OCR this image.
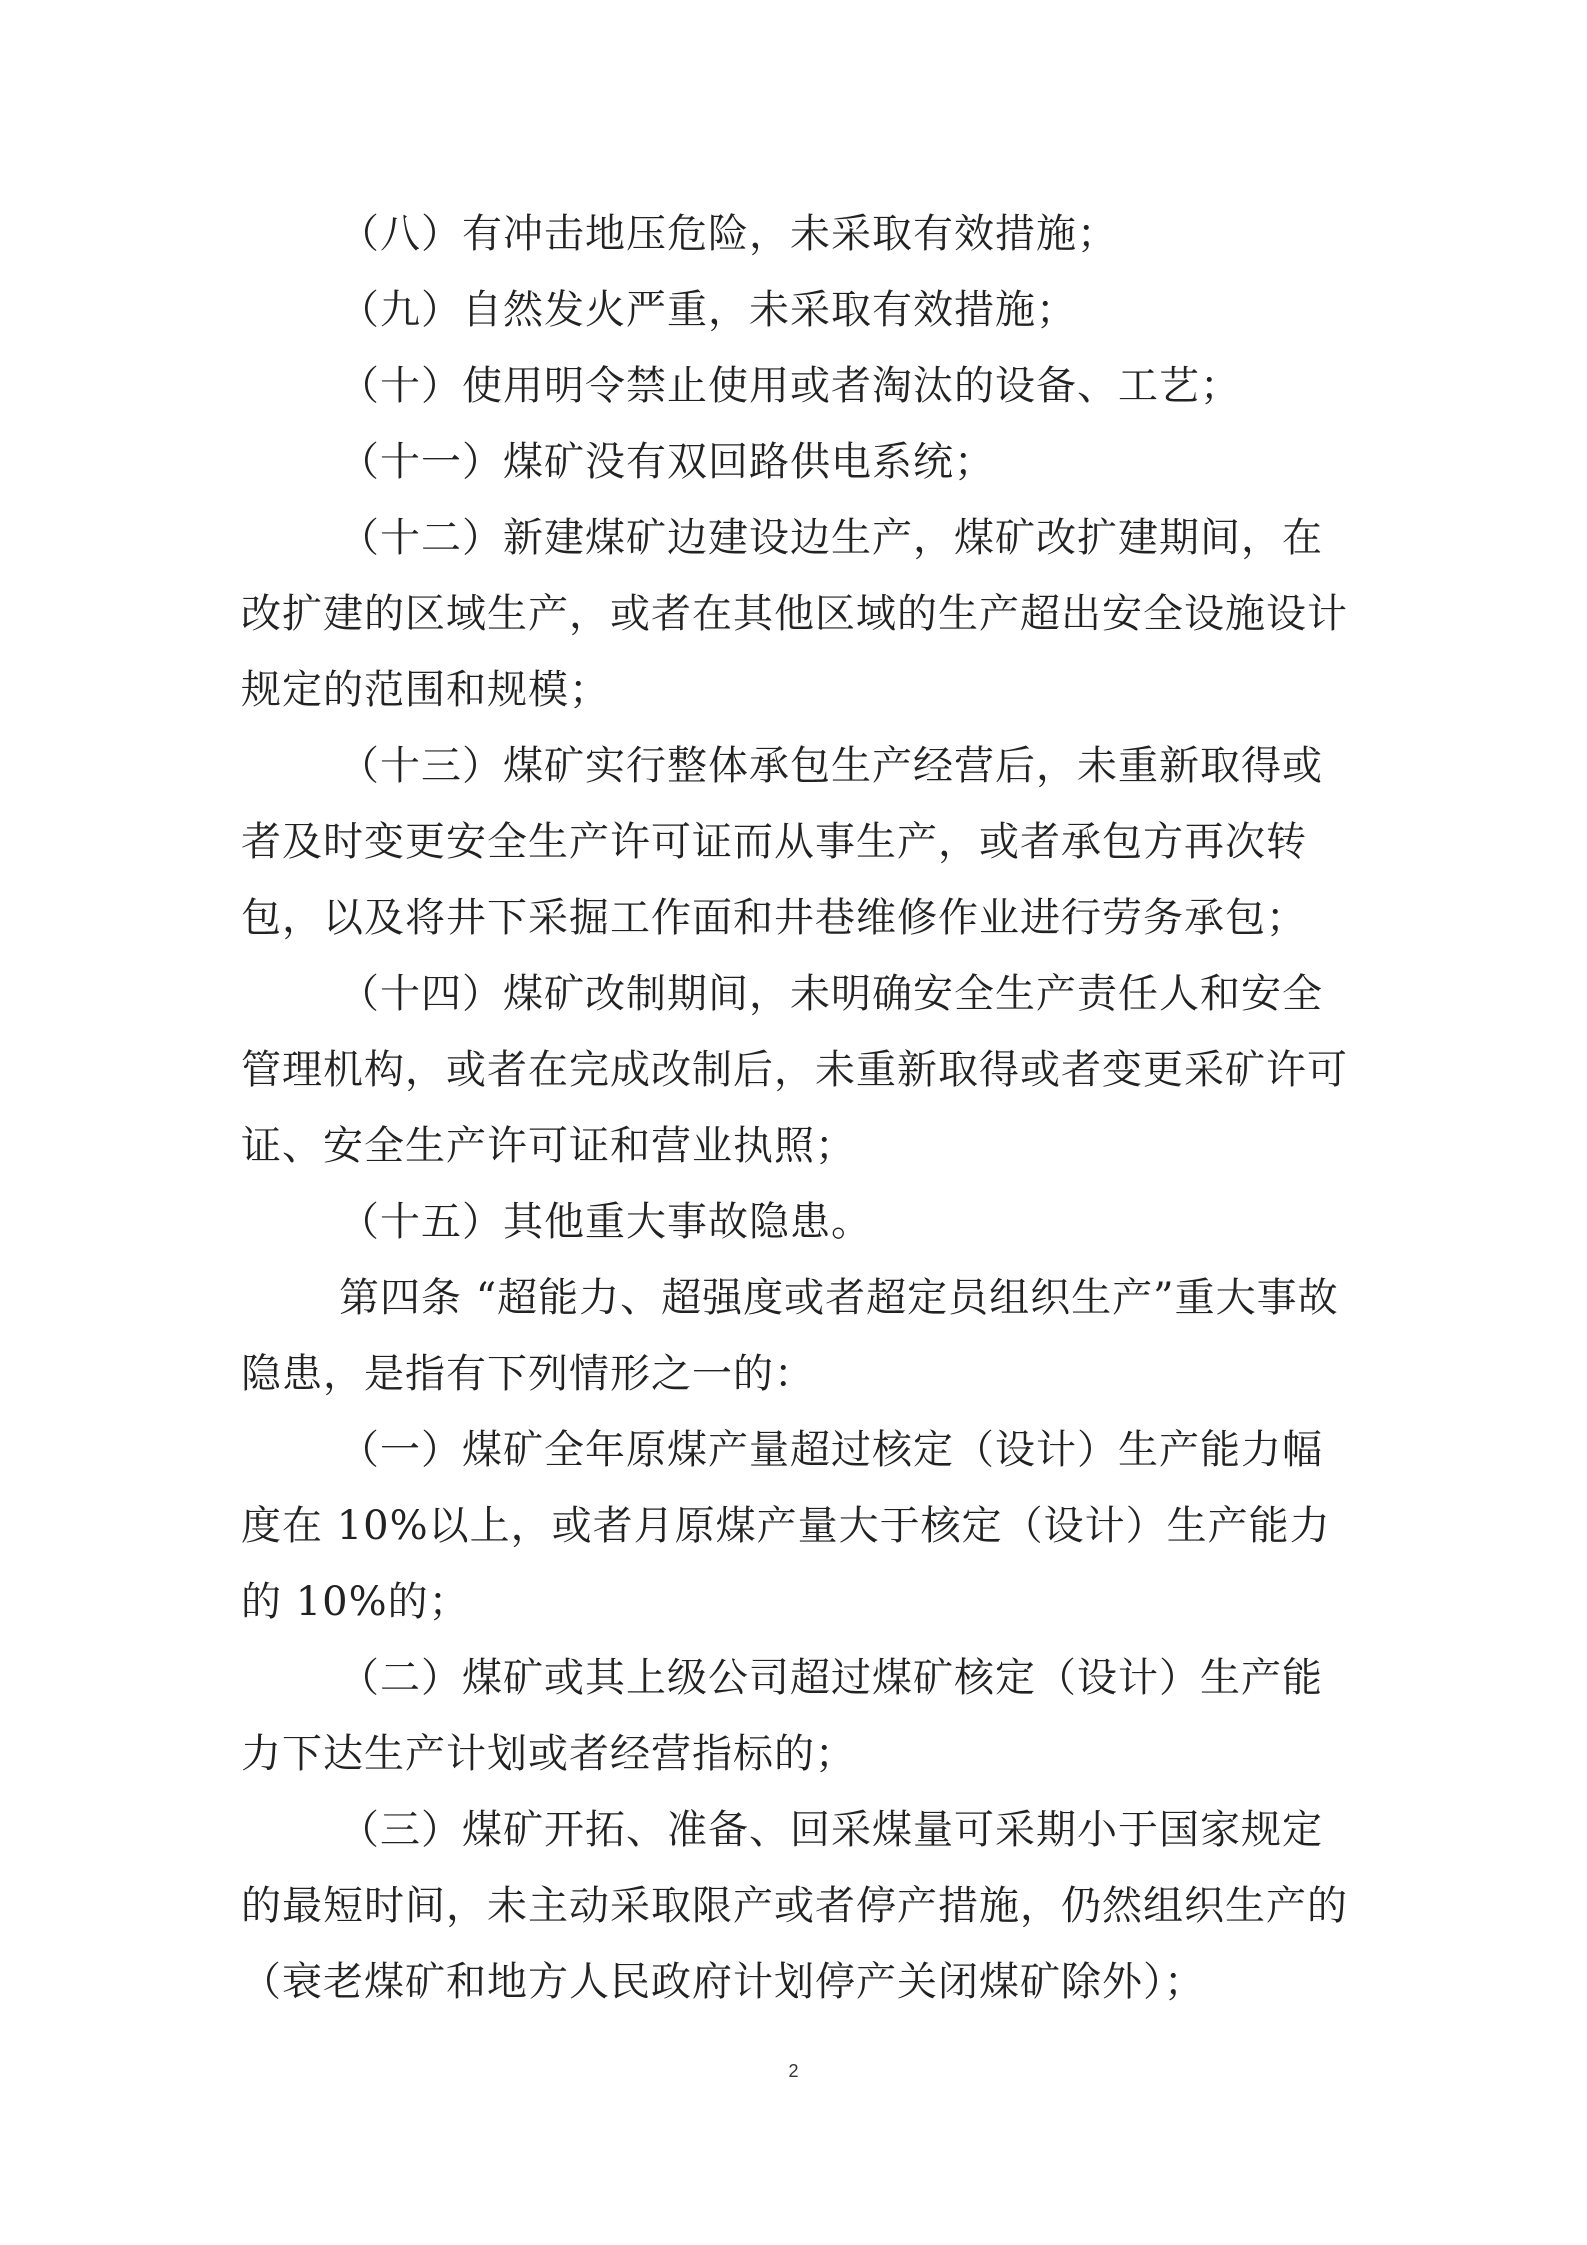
（八）有冲击地压危险，未采取有效措施；

（九）自然发火严重，未采取有效措施；

（十）使用明令禁止使用或者淘汰的设备、工艺；

（十一）煤矿没有双回路供电系统；

（十二）新建煤矿边建设边生产，煤矿改扩建期间，在改扩建的区域生产，或者在其他区域的生产超出安全设施设计规定的范围和规模；

（十三）煤矿实行整体承包生产经营后，未重新取得或者及时变更安全生产许可证而从事生产，或者承包方再次转包，以及将井下采掘工作面和井巷维修作业进行劳务承包；

（十四）煤矿改制期间，未明确安全生产责任人和安全管理机构，或者在完成改制后，未重新取得或者变更采矿许可证、安全生产许可证和营业执照；

（十五）其他重大事故隐患。

第四条 “超能力、超强度或者超定员组织生产”重大事故隐患，是指有下列情形之一的：

（一）煤矿全年原煤产量超过核定（设计）生产能力幅度在 10%以上，或者月原煤产量大于核定（设计）生产能力的 10%的；

（二）煤矿或其上级公司超过煤矿核定（设计）生产能力下达生产计划或者经营指标的；

（三）煤矿开拓、准备、回采煤量可采期小于国家规定的最短时间，未主动采取限产或者停产措施，仍然组织生产的（衰老煤矿和地方人民政府计划停产关闭煤矿除外）；

2
